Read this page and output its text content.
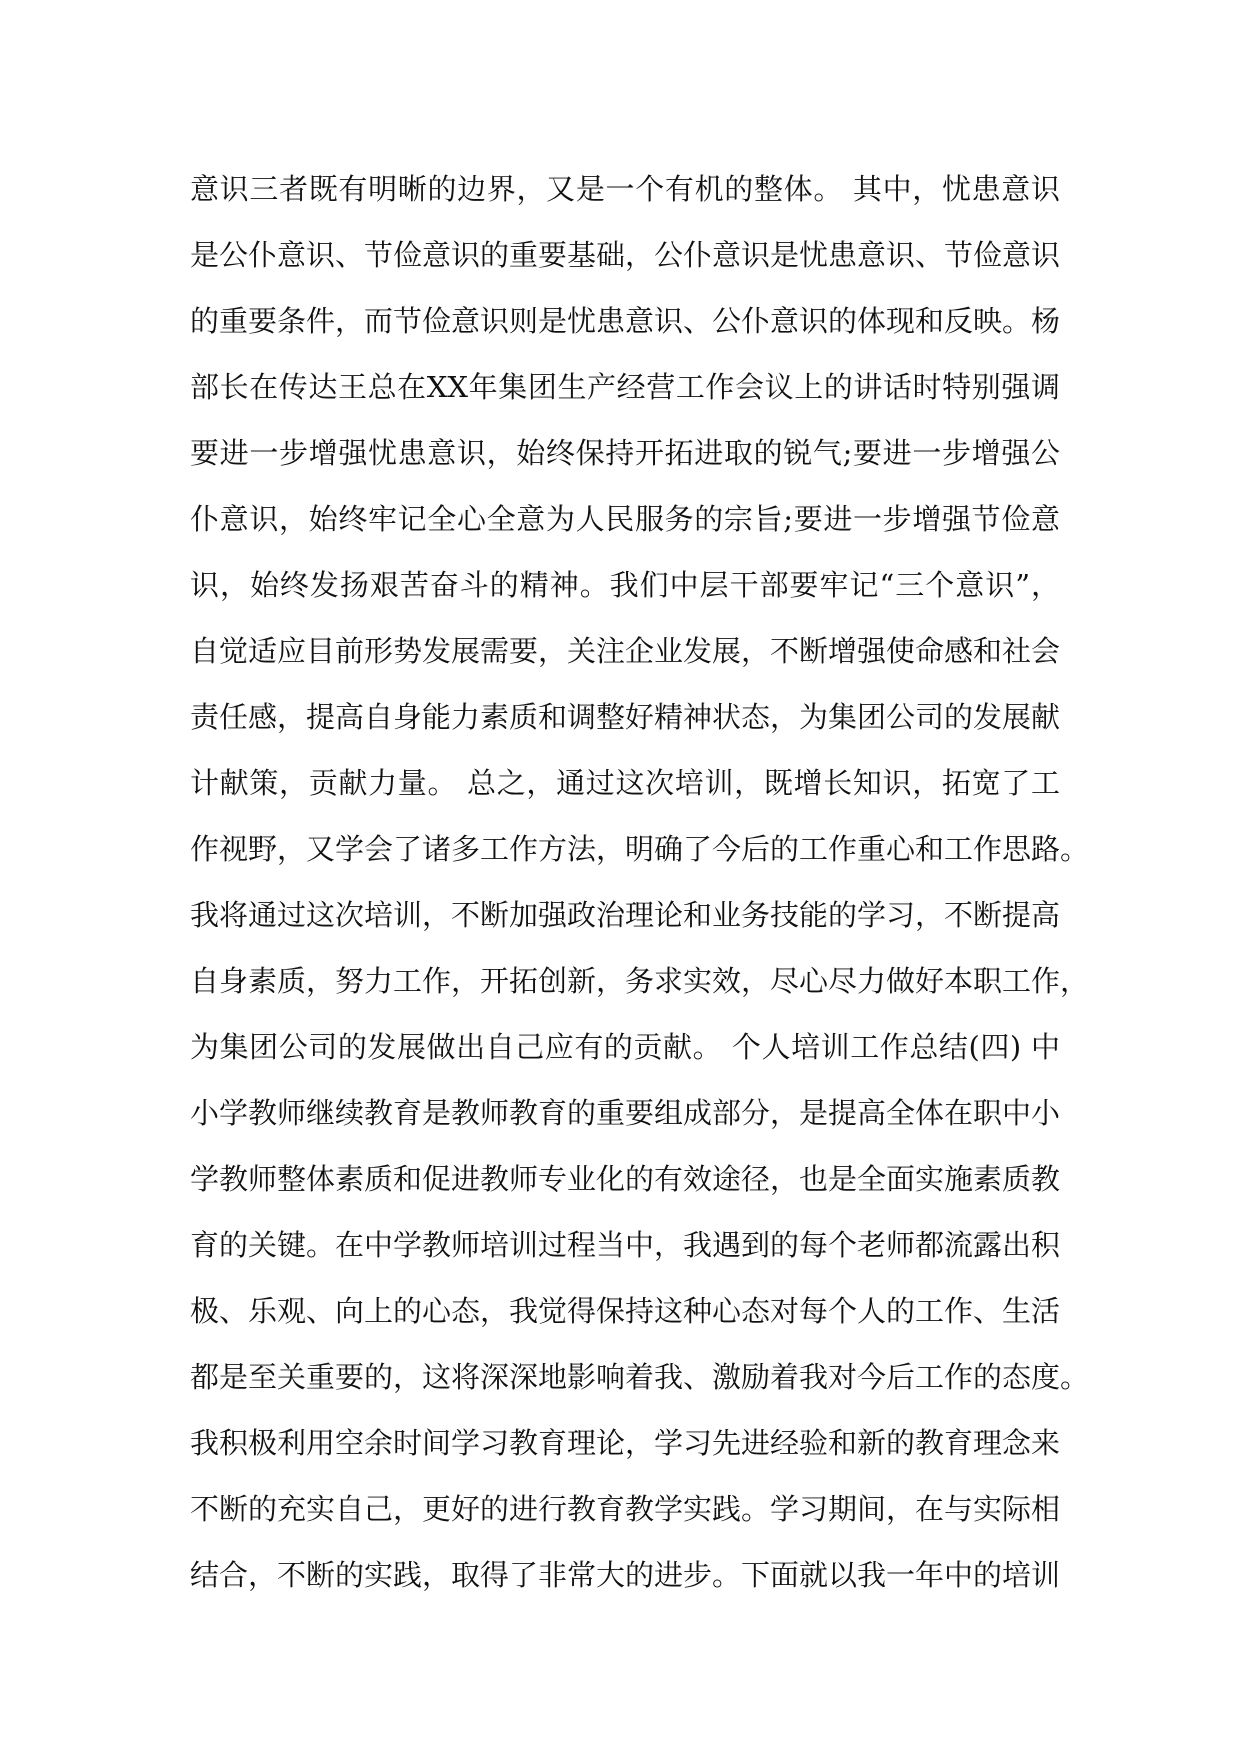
意识三者既有明晰的边界，又是一个有机的整体。 其中，忧患意识
是公仆意识、节俭意识的重要基础，公仆意识是忧患意识、节俭意识
的重要条件，而节俭意识则是忧患意识、公仆意识的体现和反映。杨
部长在传达王总在XX年集团生产经营工作会议上的讲话时特别强调
要进一步增强忧患意识，始终保持开拓进取的锐气;要进一步增强公
仆意识，始终牢记全心全意为人民服务的宗旨;要进一步增强节俭意
识，始终发扬艰苦奋斗的精神。我们中层干部要牢记“三个意识”，
自觉适应目前形势发展需要，关注企业发展，不断增强使命感和社会
责任感，提高自身能力素质和调整好精神状态，为集团公司的发展献
计献策，贡献力量。 总之，通过这次培训，既增长知识，拓宽了工
作视野，又学会了诸多工作方法，明确了今后的工作重心和工作思路。
我将通过这次培训，不断加强政治理论和业务技能的学习，不断提高
自身素质，努力工作，开拓创新，务求实效，尽心尽力做好本职工作，
为集团公司的发展做出自己应有的贡献。 个人培训工作总结(四) 中
小学教师继续教育是教师教育的重要组成部分，是提高全体在职中小
学教师整体素质和促进教师专业化的有效途径，也是全面实施素质教
育的关键。在中学教师培训过程当中，我遇到的每个老师都流露出积
极、乐观、向上的心态，我觉得保持这种心态对每个人的工作、生活
都是至关重要的，这将深深地影响着我、激励着我对今后工作的态度。
我积极利用空余时间学习教育理论，学习先进经验和新的教育理念来
不断的充实自己，更好的进行教育教学实践。学习期间，在与实际相
结合，不断的实践，取得了非常大的进步。下面就以我一年中的培训
